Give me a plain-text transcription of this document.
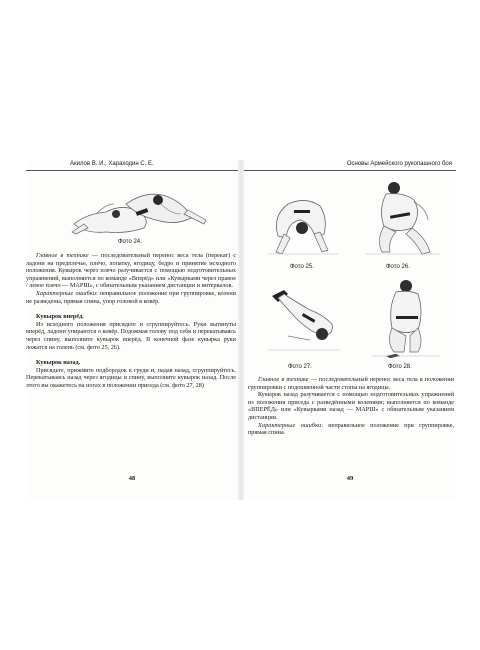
Акилов В. И., Хараходин С. Е.
Фото 24.

Главное в технике — последовательный перенос веса тела (перекат) с ладони на предплечье, плечо, лопатку, ягодицу, бедро и принятие исходного положения. Кувырок через плечо разучивается с помощью подготовительных упражнений, выполняется по команде «Вперёд» или «Кувырками через правое / левое плечо — МАРШ», с обязательным указанием дистанции и интервалов.

Характерные ошибки: неправильное положение при группировке, колени не разведены, прямая спина, упор головой в ковёр.

Кувырок вперёд.

Из исходного положения присядьте и сгруппируйтесь. Руки вытянуты вперёд, ладони упираются о ковёр. Подожмая голову под себя и перекатываясь через спину, выполните кувырок вперёд. В конечной фазе кувырка руки ложатся на голень (см. фото 25, 26).

Кувырок назад.

Присядьте, прижмите подбородок к груди и, падая назад, сгруппируйтесь. Перекатываясь назад через ягодицы и спину, выполните кувырок назад. После этого вы окажетесь на ногах в положении приседа (см. фото 27, 28)

48
Основы Армейского рукопашного боя
Фото 25.	Фото 26.
Фото 27.	Фото 28.

Главное в технике — последовательный перенос веса тела в положении группировки с подошвенной части стопы на ягодицы.

Кувырок назад разучивается с помощью подготовительных упражнений из положения приседа с разведёнными коленями; выполняется по команде «ВПЕРЁД» или «Кувырками назад — МАРШ» с обязательным указанием дистанции.

Характерные ошибки: неправильное положение при группировке, прямая спина.

49
